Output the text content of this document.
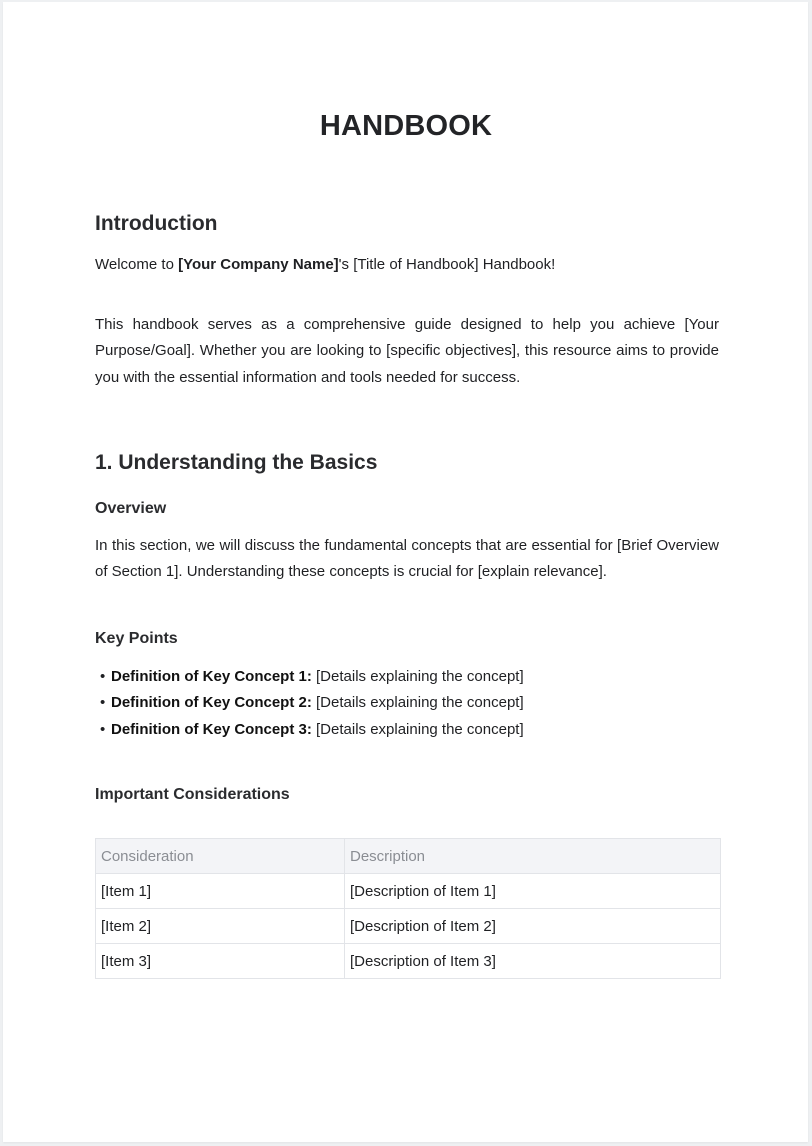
HANDBOOK
Introduction
Welcome to [Your Company Name]'s [Title of Handbook] Handbook!
This handbook serves as a comprehensive guide designed to help you achieve [Your Purpose/Goal]. Whether you are looking to [specific objectives], this resource aims to provide you with the essential information and tools needed for success.
1. Understanding the Basics
Overview
In this section, we will discuss the fundamental concepts that are essential for [Brief Overview of Section 1]. Understanding these concepts is crucial for [explain relevance].
Key Points
• Definition of Key Concept 1: [Details explaining the concept]
• Definition of Key Concept 2: [Details explaining the concept]
• Definition of Key Concept 3: [Details explaining the concept]
Important Considerations
Consideration	Description
[Item 1]	[Description of Item 1]
[Item 2]	[Description of Item 2]
[Item 3]	[Description of Item 3]
